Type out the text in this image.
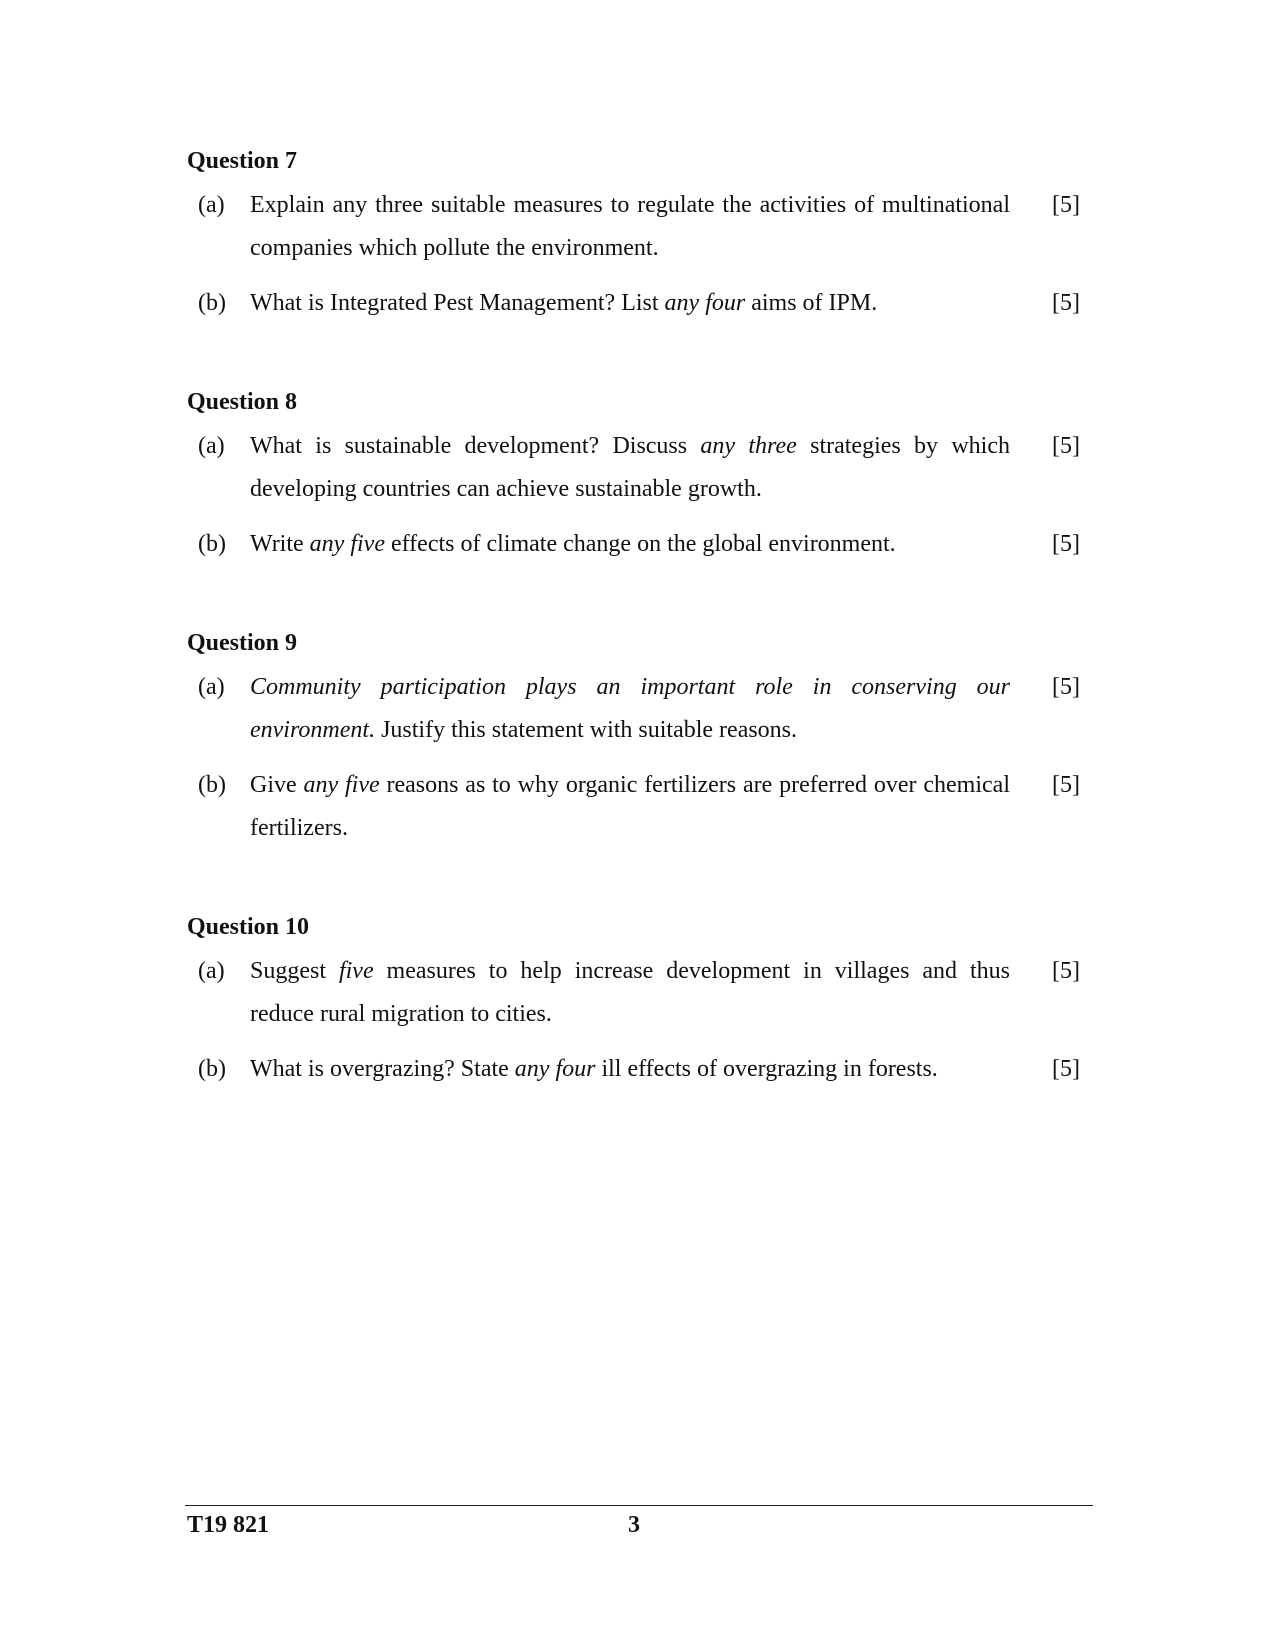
Question 7
(a)	Explain any three suitable measures to regulate the activities of multinational companies which pollute the environment.
[5]
(b)	What is Integrated Pest Management? List any four aims of IPM.	[5]
Question 8
(a)	What is sustainable development? Discuss any three strategies by which developing countries can achieve sustainable growth.
[5]
(b)	Write any five effects of climate change on the global environment.	[5]
Question 9
(a)	Community participation plays an important role in conserving our environment. Justify this statement with suitable reasons.
[5]
(b)	Give any five reasons as to why organic fertilizers are preferred over chemical fertilizers.
[5]
Question 10
(a)	Suggest five measures to help increase development in villages and thus reduce rural migration to cities.
[5]
(b)	What is overgrazing? State any four ill effects of overgrazing in forests.	[5]
T19 821	3
